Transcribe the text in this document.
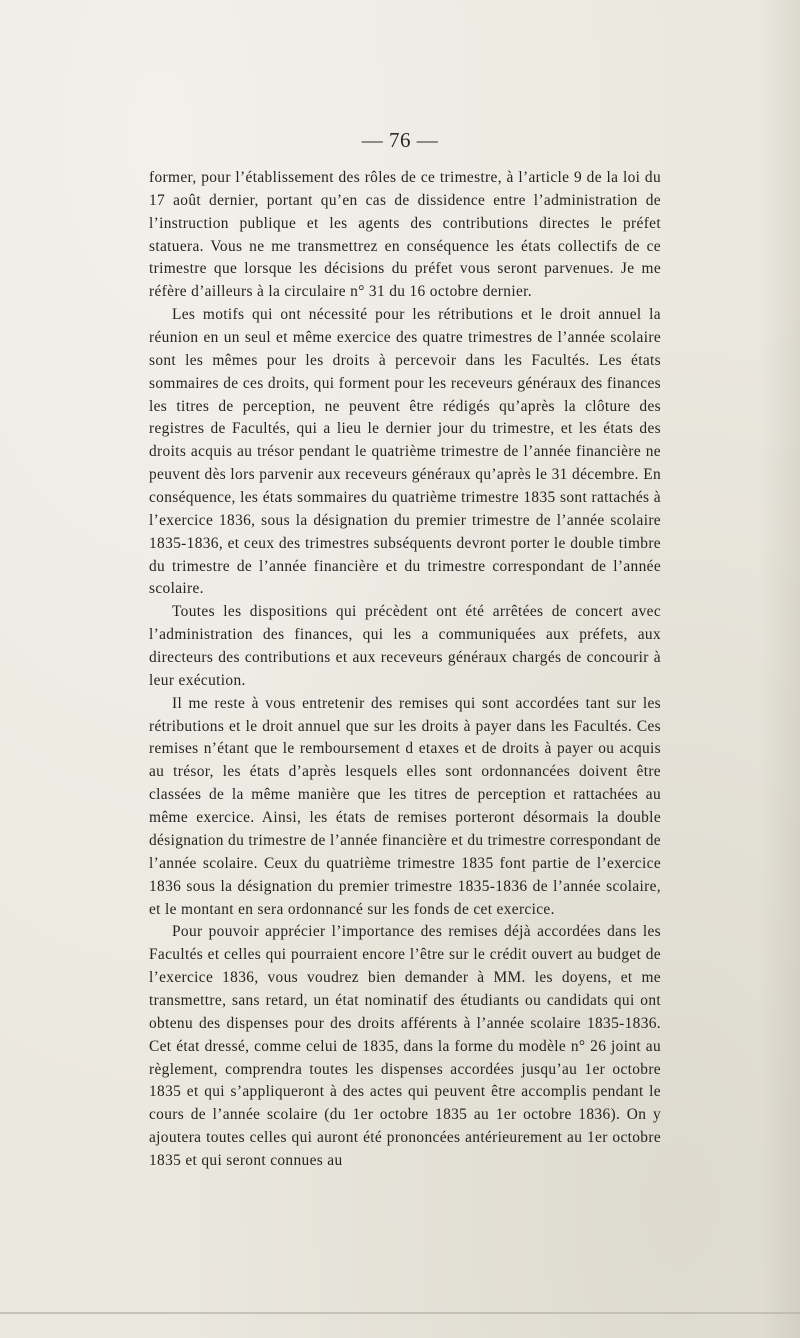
— 76 —

former, pour l’établissement des rôles de ce trimestre, à l’article 9 de la loi du 17 août dernier, portant qu’en cas de dissidence entre l’administration de l’instruction publique et les agents des contributions directes le préfet statuera. Vous ne me transmettrez en conséquence les états collectifs de ce trimestre que lorsque les décisions du préfet vous seront parvenues. Je me réfère d’ailleurs à la circulaire n° 31 du 16 octobre dernier.

Les motifs qui ont nécessité pour les rétributions et le droit annuel la réunion en un seul et même exercice des quatre trimestres de l’année scolaire sont les mêmes pour les droits à percevoir dans les Facultés. Les états sommaires de ces droits, qui forment pour les receveurs généraux des finances les titres de perception, ne peuvent être rédigés qu’après la clôture des registres de Facultés, qui a lieu le dernier jour du trimestre, et les états des droits acquis au trésor pendant le quatrième trimestre de l’année financière ne peuvent dès lors parvenir aux receveurs généraux qu’après le 31 décembre. En conséquence, les états sommaires du quatrième trimestre 1835 sont rattachés à l’exercice 1836, sous la désignation du premier trimestre de l’année scolaire 1835-1836, et ceux des trimestres subséquents devront porter le double timbre du trimestre de l’année financière et du trimestre correspondant de l’année scolaire.

Toutes les dispositions qui précèdent ont été arrêtées de concert avec l’administration des finances, qui les a communiquées aux préfets, aux directeurs des contributions et aux receveurs généraux chargés de concourir à leur exécution.

Il me reste à vous entretenir des remises qui sont accordées tant sur les rétributions et le droit annuel que sur les droits à payer dans les Facultés. Ces remises n’étant que le remboursement d etaxes et de droits à payer ou acquis au trésor, les états d’après lesquels elles sont ordonnancées doivent être classées de la même manière que les titres de perception et rattachées au même exercice. Ainsi, les états de remises porteront désormais la double désignation du trimestre de l’année financière et du trimestre correspondant de l’année scolaire. Ceux du quatrième trimestre 1835 font partie de l’exercice 1836 sous la désignation du premier trimestre 1835-1836 de l’année scolaire, et le montant en sera ordonnancé sur les fonds de cet exercice.

Pour pouvoir apprécier l’importance des remises déjà accordées dans les Facultés et celles qui pourraient encore l’être sur le crédit ouvert au budget de l’exercice 1836, vous voudrez bien demander à MM. les doyens, et me transmettre, sans retard, un état nominatif des étudiants ou candidats qui ont obtenu des dispenses pour des droits afférents à l’année scolaire 1835-1836. Cet état dressé, comme celui de 1835, dans la forme du modèle n° 26 joint au règlement, comprendra toutes les dispenses accordées jusqu’au 1er octobre 1835 et qui s’appliqueront à des actes qui peuvent être accomplis pendant le cours de l’année scolaire (du 1er octobre 1835 au 1er octobre 1836). On y ajoutera toutes celles qui auront été prononcées antérieurement au 1er octobre 1835 et qui seront connues au
